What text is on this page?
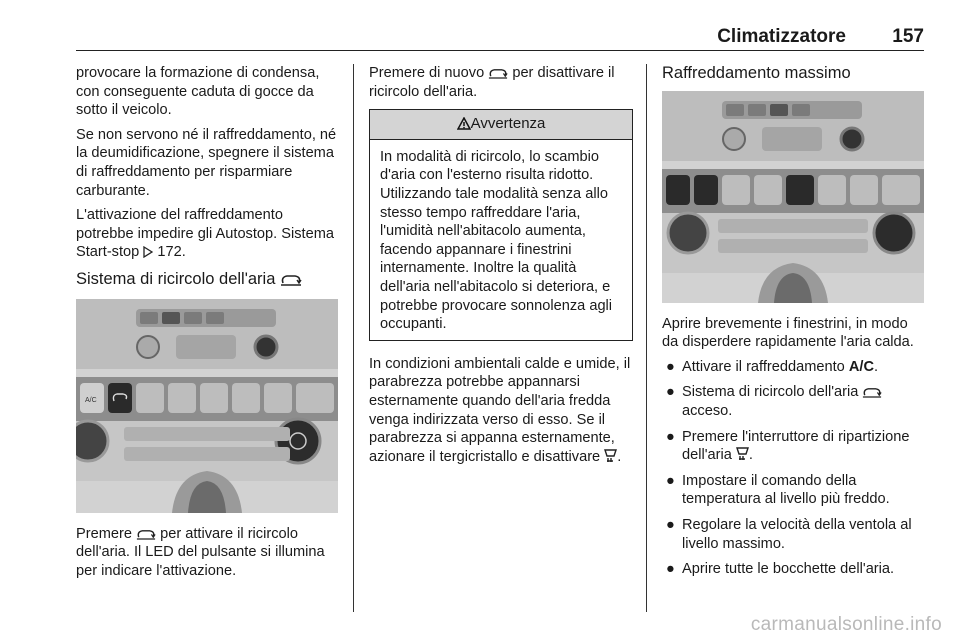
Climatizzatore 157

provocare la formazione di condensa, con conseguente caduta di gocce da sotto il veicolo.

Se non servono né il raffreddamento, né la deumidificazione, spegnere il sistema di raffreddamento per risparmiare carburante.

L'attivazione del raffreddamento potrebbe impedire gli Autostop. Sistema Start-stop 172.

Sistema di ricircolo dell'aria
A/C

Premere per attivare il ricircolo dell'aria. Il LED del pulsante si illumina per indicare l'attivazione.

Premere di nuovo per disattivare il ricircolo dell'aria.

Avvertenza
In modalità di ricircolo, lo scambio d'aria con l'esterno risulta ridotto. Utilizzando tale modalità senza allo stesso tempo raffreddare l'aria, l'umidità nell'abitacolo aumenta, facendo appannare i finestrini internamente. Inoltre la qualità dell'aria nell'abitacolo si deteriora, e potrebbe provocare sonnolenza agli occupanti.

In condizioni ambientali calde e umide, il parabrezza potrebbe appannarsi esternamente quando dell'aria fredda venga indirizzata verso di esso. Se il parabrezza si appanna esternamente, azionare il tergicristallo e disattivare .

Raffreddamento massimo

Aprire brevemente i finestrini, in modo da disperdere rapidamente l'aria calda.

● Attivare il raffreddamento A/C.
● Sistema di ricircolo dell'aria  acceso.
● Premere l'interruttore di ripartizione dell'aria .
● Impostare il comando della temperatura al livello più freddo.
● Regolare la velocità della ventola al livello massimo.
● Aprire tutte le bocchette dell'aria.
carmanualsonline.info
